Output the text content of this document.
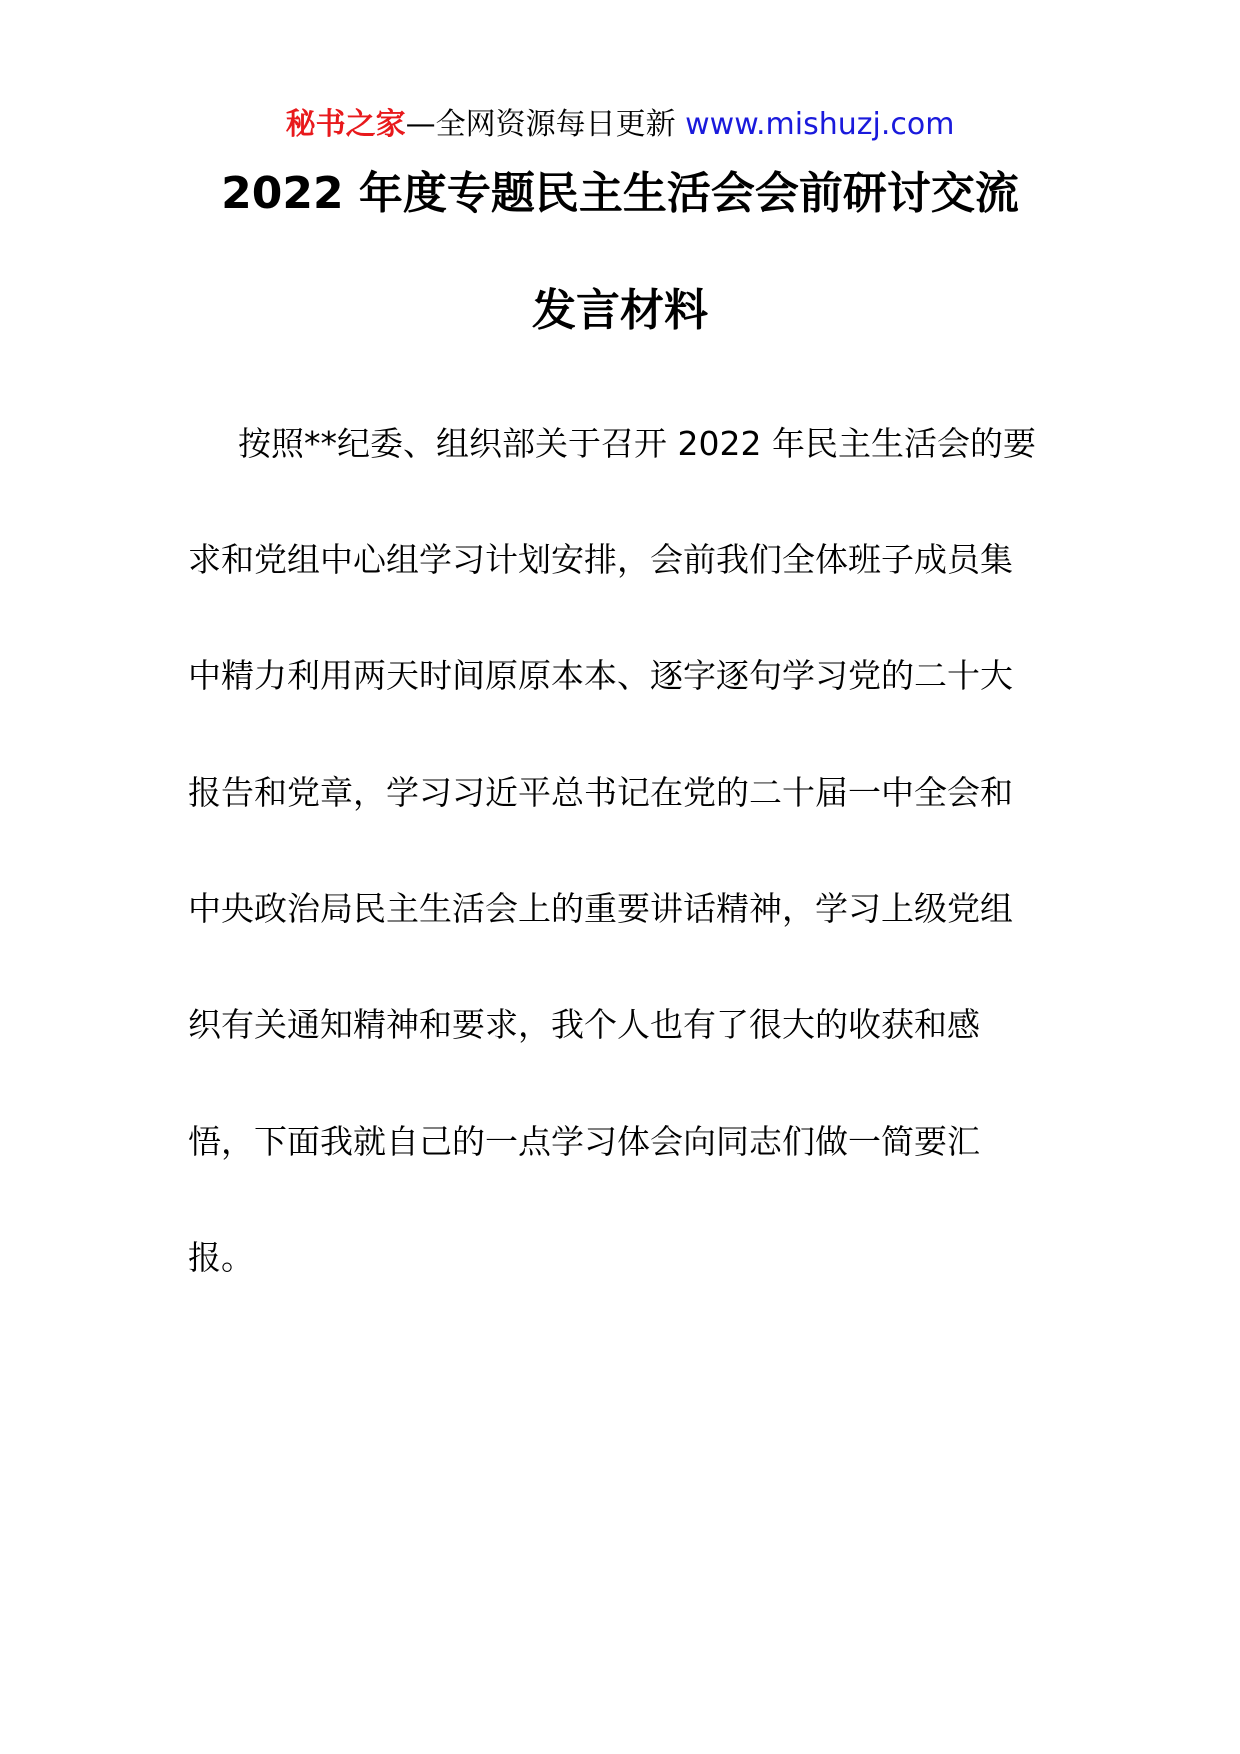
秘书之家—全网资源每日更新 www.mishuzj.com
2022 年度专题民主生活会会前研讨交流
发言材料
按照**纪委、组织部关于召开 2022 年民主生活会的要
求和党组中心组学习计划安排，会前我们全体班子成员集
中精力利用两天时间原原本本、逐字逐句学习党的二十大
报告和党章，学习习近平总书记在党的二十届一中全会和
中央政治局民主生活会上的重要讲话精神，学习上级党组
织有关通知精神和要求，我个人也有了很大的收获和感
悟，下面我就自己的一点学习体会向同志们做一简要汇
报。
